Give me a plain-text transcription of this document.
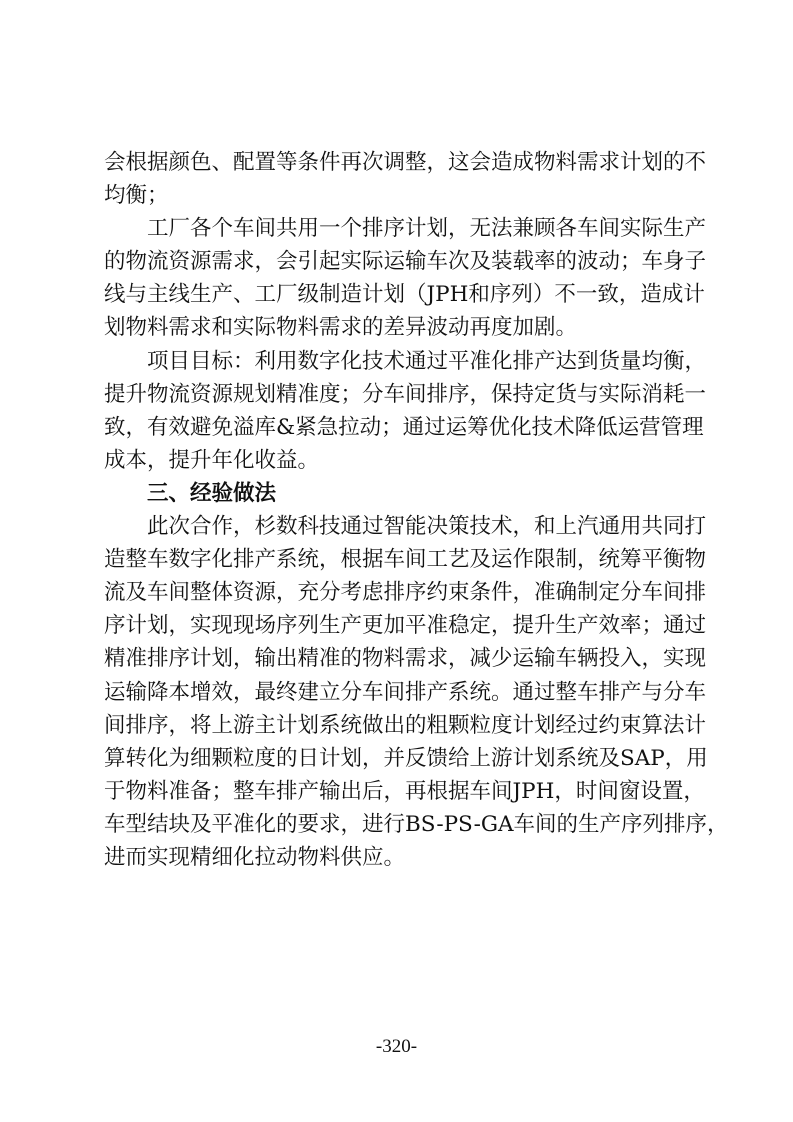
会根据颜色、配置等条件再次调整，这会造成物料需求计划的不
均衡；
工厂各个车间共用一个排序计划，无法兼顾各车间实际生产
的物流资源需求，会引起实际运输车次及装载率的波动；车身子
线与主线生产、工厂级制造计划（JPH和序列）不一致，造成计
划物料需求和实际物料需求的差异波动再度加剧。
项目目标：利用数字化技术通过平准化排产达到货量均衡，
提升物流资源规划精准度；分车间排序，保持定货与实际消耗一
致，有效避免溢库&紧急拉动；通过运筹优化技术降低运营管理
成本，提升年化收益。
三、经验做法
此次合作，杉数科技通过智能决策技术，和上汽通用共同打
造整车数字化排产系统，根据车间工艺及运作限制，统筹平衡物
流及车间整体资源，充分考虑排序约束条件，准确制定分车间排
序计划，实现现场序列生产更加平准稳定，提升生产效率；通过
精准排序计划，输出精准的物料需求，减少运输车辆投入，实现
运输降本增效，最终建立分车间排产系统。通过整车排产与分车
间排序，将上游主计划系统做出的粗颗粒度计划经过约束算法计
算转化为细颗粒度的日计划，并反馈给上游计划系统及SAP，用
于物料准备；整车排产输出后，再根据车间JPH，时间窗设置，
车型结块及平准化的要求，进行BS-PS-GA车间的生产序列排序，
进而实现精细化拉动物料供应。
-320-
